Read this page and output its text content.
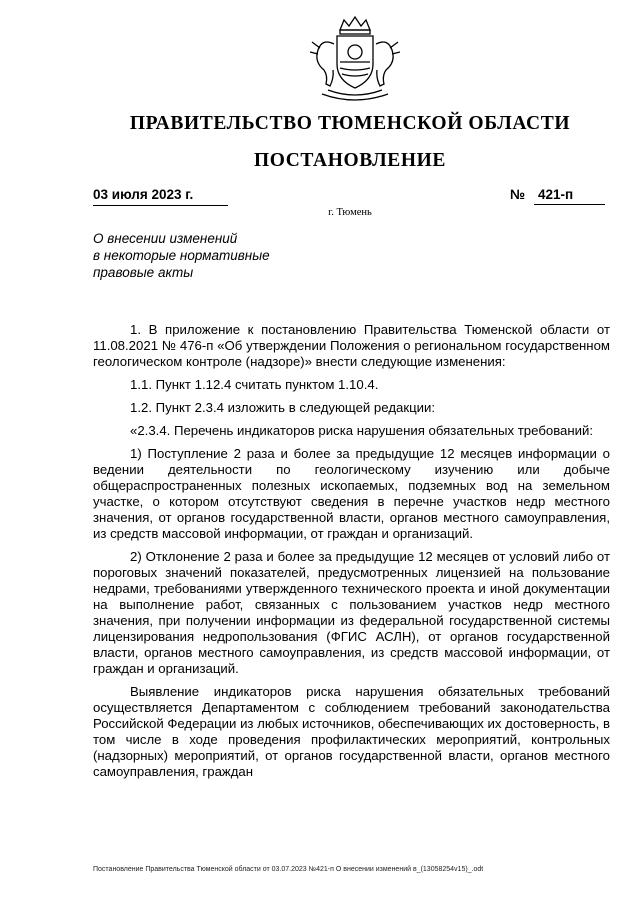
ПРАВИТЕЛЬСТВО ТЮМЕНСКОЙ ОБЛАСТИ
ПОСТАНОВЛЕНИЕ
03 июля 2023 г.	№ 421-п
г. Тюмень
О внесении изменений
в некоторые нормативные
правовые акты

1. В приложение к постановлению Правительства Тюменской области от 11.08.2021 № 476-п «Об утверждении Положения о региональном государственном геологическом контроле (надзоре)» внести следующие изменения:

1.1. Пункт 1.12.4 считать пунктом 1.10.4.

1.2. Пункт 2.3.4 изложить в следующей редакции:

«2.3.4. Перечень индикаторов риска нарушения обязательных требований:

1) Поступление 2 раза и более за предыдущие 12 месяцев информации о ведении деятельности по геологическому изучению или добыче общераспространенных полезных ископаемых, подземных вод на земельном участке, о котором отсутствуют сведения в перечне участков недр местного значения, от органов государственной власти, органов местного самоуправления, из средств массовой информации, от граждан и организаций.

2) Отклонение 2 раза и более за предыдущие 12 месяцев от условий либо от пороговых значений показателей, предусмотренных лицензией на пользование недрами, требованиями утвержденного технического проекта и иной документации на выполнение работ, связанных с пользованием участков недр местного значения, при получении информации из федеральной государственной системы лицензирования недропользования (ФГИС АСЛН), от органов государственной власти, органов местного самоуправления, из средств массовой информации, от граждан и организаций.

Выявление индикаторов риска нарушения обязательных требований осуществляется Департаментом с соблюдением требований законодательства Российской Федерации из любых источников, обеспечивающих их достоверность, в том числе в ходе проведения профилактических мероприятий, контрольных (надзорных) мероприятий, от органов государственной власти, органов местного самоуправления, граждан

Постановление Правительства Тюменской области от 03.07.2023 №421-п О внесении изменений в_(13058254v15)_.odt
